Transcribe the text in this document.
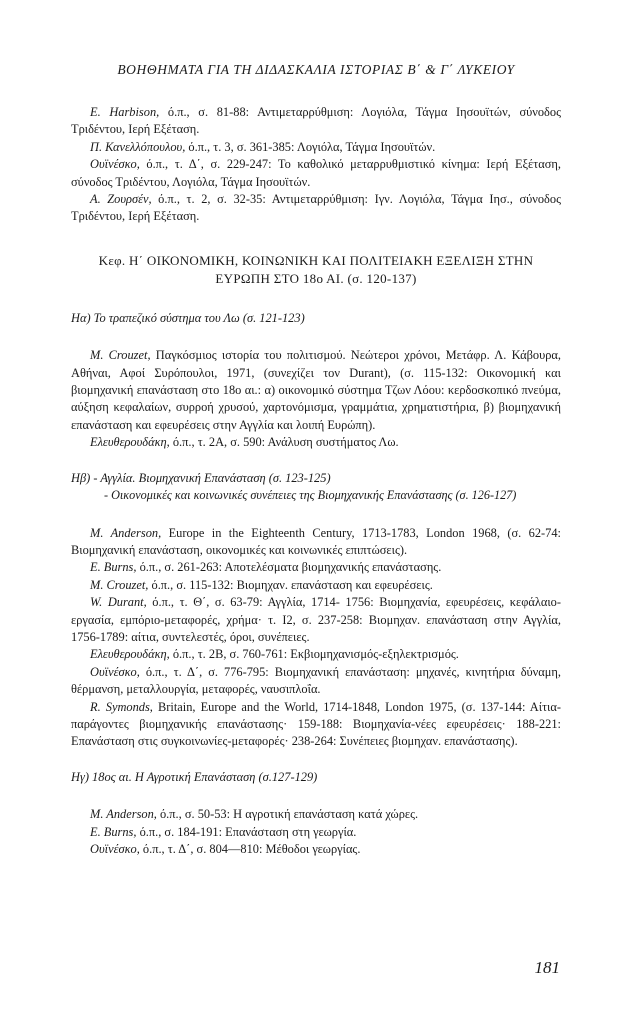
ΒΟΗΘΗΜΑΤΑ ΓΙΑ ΤΗ ΔΙΔΑΣΚΑΛΙΑ ΙΣΤΟΡΙΑΣ Β΄ & Γ΄ ΛΥΚΕΙΟΥ

E. Harbison, ό.π., σ. 81-88: Αντιμεταρρύθμιση: Λογιόλα, Τάγμα Ιησουϊτών, σύνοδος Τριδέντου, Ιερή Εξέταση.

Π. Κανελλόπουλου, ό.π., τ. 3, σ. 361-385: Λογιόλα, Τάγμα Ιησουϊτών.

Ουϊνέσκο, ό.π., τ. Δ΄, σ. 229-247: Το καθολικό μεταρρυθμιστικό κίνημα: Ιερή Εξέταση, σύνοδος Τριδέντου, Λογιόλα, Τάγμα Ιησουϊτών.

Α. Ζουρσέν, ό.π., τ. 2, σ. 32-35: Αντιμεταρρύθμιση: Ιγν. Λογιόλα, Τάγμα Ιησ., σύνοδος Τριδέντου, Ιερή Εξέταση.

Κεφ. Η΄ ΟΙΚΟΝΟΜΙΚΗ, ΚΟΙΝΩΝΙΚΗ ΚΑΙ ΠΟΛΙΤΕΙΑΚΗ ΕΞΕΛΙΞΗ ΣΤΗΝ
ΕΥΡΩΠΗ ΣΤΟ 18ο ΑΙ. (σ. 120-137)
Ηα) Το τραπεζικό σύστημα του Λω (σ. 121-123)

M. Crouzet, Παγκόσμιος ιστορία του πολιτισμού. Νεώτεροι χρόνοι, Μετάφρ. Λ. Κάβουρα, Αθήναι, Αφοί Συρόπουλοι, 1971, (συνεχίζει τον Durant), (σ. 115-132: Οικονομική και βιομηχανική επανάσταση στο 18ο αι.: α) οικονομικό σύστημα Τζων Λόου: κερδοσκοπικό πνεύμα, αύξηση κεφαλαίων, συρροή χρυσού, χαρτονόμισμα, γραμμάτια, χρηματιστήρια, β) βιομηχανική επανάσταση και εφευρέσεις στην Αγγλία και λοιπή Ευρώπη).

Ελευθερουδάκη, ό.π., τ. 2Α, σ. 590: Ανάλυση συστήματος Λω.

Ηβ) - Αγγλία. Βιομηχανική Επανάσταση (σ. 123-125)
- Οικονομικές και κοινωνικές συνέπειες της Βιομηχανικής Επανάστασης (σ. 126-127)

M. Anderson, Europe in the Eighteenth Century, 1713-1783, London 1968, (σ. 62-74: Βιομηχανική επανάσταση, οικονομικές και κοινωνικές επιπτώσεις).

E. Burns, ό.π., σ. 261-263: Αποτελέσματα βιομηχανικής επανάστασης.

M. Crouzet, ό.π., σ. 115-132: Βιομηχαν. επανάσταση και εφευρέσεις.

W. Durant, ό.π., τ. Θ΄, σ. 63-79: Αγγλία, 1714- 1756: Βιομηχανία, εφευρέσεις, κεφάλαιο-εργασία, εμπόριο-μεταφορές, χρήμα· τ. Ι2, σ. 237-258: Βιομηχαν. επανάσταση στην Αγγλία, 1756-1789: αίτια, συντελεστές, όροι, συνέπειες.

Ελευθερουδάκη, ό.π., τ. 2Β, σ. 760-761: Εκβιομηχανισμός-εξηλεκτρισμός.

Ουϊνέσκο, ό.π., τ. Δ΄, σ. 776-795: Βιομηχανική επανάσταση: μηχανές, κινητήρια δύναμη, θέρμανση, μεταλλουργία, μεταφορές, ναυσιπλοΐα.

R. Symonds, Britain, Europe and the World, 1714-1848, London 1975, (σ. 137-144: Αίτια-παράγοντες βιομηχανικής επανάστασης· 159-188: Βιομηχανία-νέες εφευρέσεις· 188-221: Επανάσταση στις συγκοινωνίες-μεταφορές· 238-264: Συνέπειες βιομηχαν. επανάστασης).

Ηγ) 18ος αι. Η Αγροτική Επανάσταση (σ.127-129)

M. Anderson, ό.π., σ. 50-53: Η αγροτική επανάσταση κατά χώρες.

E. Burns, ό.π., σ. 184-191: Επανάσταση στη γεωργία.

Ουϊνέσκο, ό.π., τ. Δ΄, σ. 804—810: Μέθοδοι γεωργίας.

181
